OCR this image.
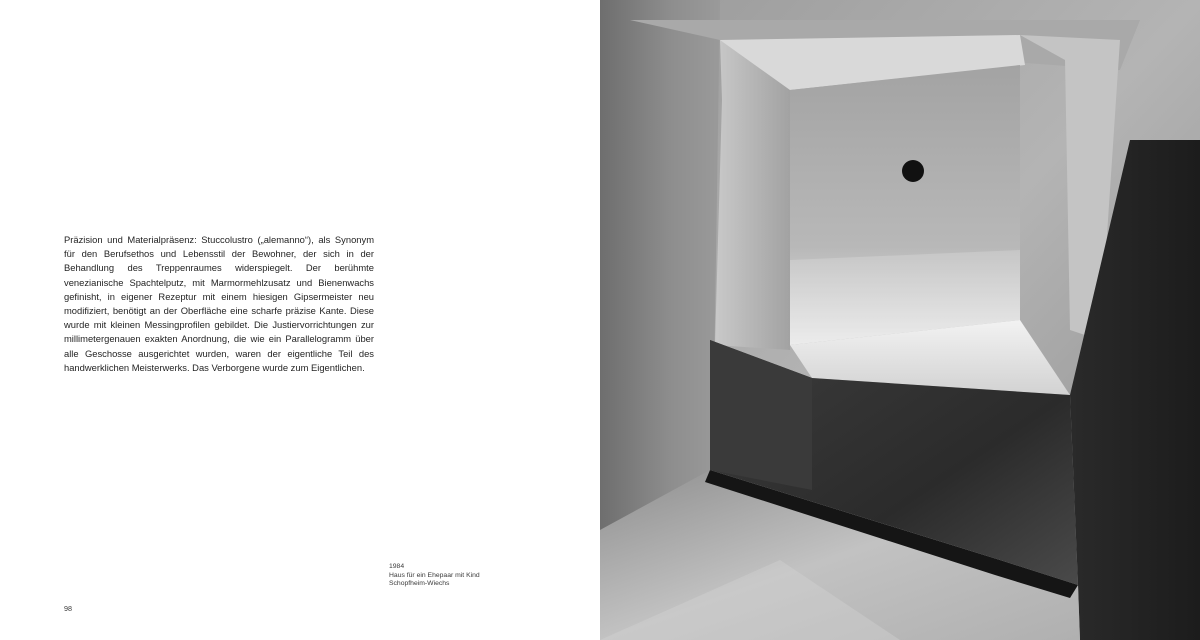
Präzision und Materialpräsenz: Stuccolustro („alemanno“), als Synonym für den Berufsethos und Lebensstil der Bewohner, der sich in der Behandlung des Treppenraumes widerspiegelt. Der berühmte venezianische Spachtelputz, mit Marmormehlzusatz und Bienenwachs gefinisht, in eigener Rezeptur mit einem hiesigen Gipsermeister neu modifiziert, benötigt an der Oberfläche eine scharfe präzise Kante. Diese wurde mit kleinen Messingprofilen gebildet. Die Justiervorrichtungen zur millimetergenauen exakten Anordnung, die wie ein Parallelogramm über alle Geschosse ausgerichtet wurden, waren der eigentliche Teil des handwerklichen Meisterwerks. Das Verborgene wurde zum Eigentlichen.

1984
Haus für ein Ehepaar mit Kind
Schopfheim-Wiechs
98
